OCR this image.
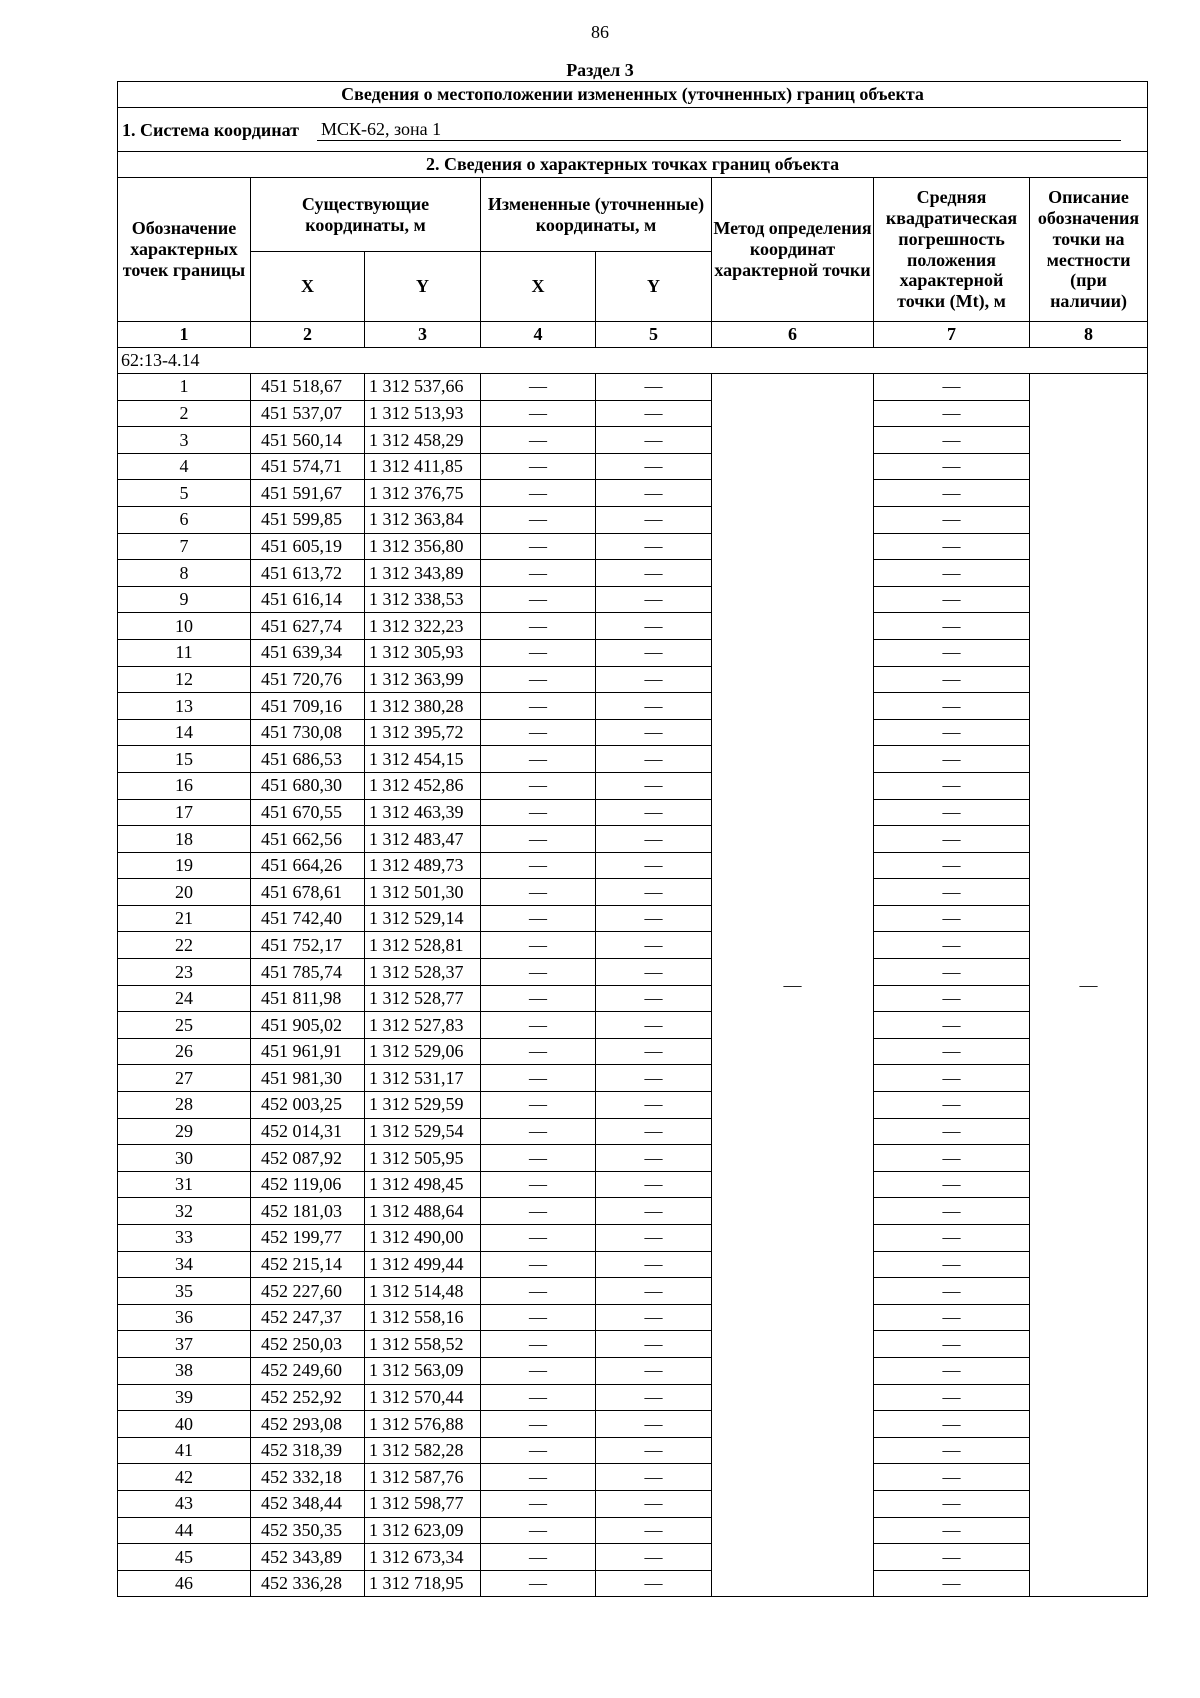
86
Раздел 3
Сведения о местоположении измененных (уточненных) границ объекта							
1. Система координат МСК-62, зона 1							
2. Сведения о характерных точках границ объекта							
Обозначение характерных точек границы	Существующие координаты, м		Измененные (уточненные) координаты, м		Метод определения координат характерной точки	Средняя квадратическая погрешность положения характерной точки (Mt), м	Описание обозначения точки на местности (при наличии)
	X	Y	X	Y			
1	2	3	4	5	6	7	8
62:13-4.14							
1	451 518,67	1 312 537,66	—	—	—	—	—
2	451 537,07	1 312 513,93	—	—		—	
3	451 560,14	1 312 458,29	—	—		—	
4	451 574,71	1 312 411,85	—	—		—	
5	451 591,67	1 312 376,75	—	—		—	
6	451 599,85	1 312 363,84	—	—		—	
7	451 605,19	1 312 356,80	—	—		—	
8	451 613,72	1 312 343,89	—	—		—	
9	451 616,14	1 312 338,53	—	—		—	
10	451 627,74	1 312 322,23	—	—		—	
11	451 639,34	1 312 305,93	—	—		—	
12	451 720,76	1 312 363,99	—	—		—	
13	451 709,16	1 312 380,28	—	—		—	
14	451 730,08	1 312 395,72	—	—		—	
15	451 686,53	1 312 454,15	—	—		—	
16	451 680,30	1 312 452,86	—	—		—	
17	451 670,55	1 312 463,39	—	—		—	
18	451 662,56	1 312 483,47	—	—		—	
19	451 664,26	1 312 489,73	—	—		—	
20	451 678,61	1 312 501,30	—	—		—	
21	451 742,40	1 312 529,14	—	—		—	
22	451 752,17	1 312 528,81	—	—		—	
23	451 785,74	1 312 528,37	—	—		—	
24	451 811,98	1 312 528,77	—	—		—	
25	451 905,02	1 312 527,83	—	—		—	
26	451 961,91	1 312 529,06	—	—		—	
27	451 981,30	1 312 531,17	—	—		—	
28	452 003,25	1 312 529,59	—	—		—	
29	452 014,31	1 312 529,54	—	—		—	
30	452 087,92	1 312 505,95	—	—		—	
31	452 119,06	1 312 498,45	—	—		—	
32	452 181,03	1 312 488,64	—	—		—	
33	452 199,77	1 312 490,00	—	—		—	
34	452 215,14	1 312 499,44	—	—		—	
35	452 227,60	1 312 514,48	—	—		—	
36	452 247,37	1 312 558,16	—	—		—	
37	452 250,03	1 312 558,52	—	—		—	
38	452 249,60	1 312 563,09	—	—		—	
39	452 252,92	1 312 570,44	—	—		—	
40	452 293,08	1 312 576,88	—	—		—	
41	452 318,39	1 312 582,28	—	—		—	
42	452 332,18	1 312 587,76	—	—		—	
43	452 348,44	1 312 598,77	—	—		—	
44	452 350,35	1 312 623,09	—	—		—	
45	452 343,89	1 312 673,34	—	—		—	
46	452 336,28	1 312 718,95	—	—		—	
